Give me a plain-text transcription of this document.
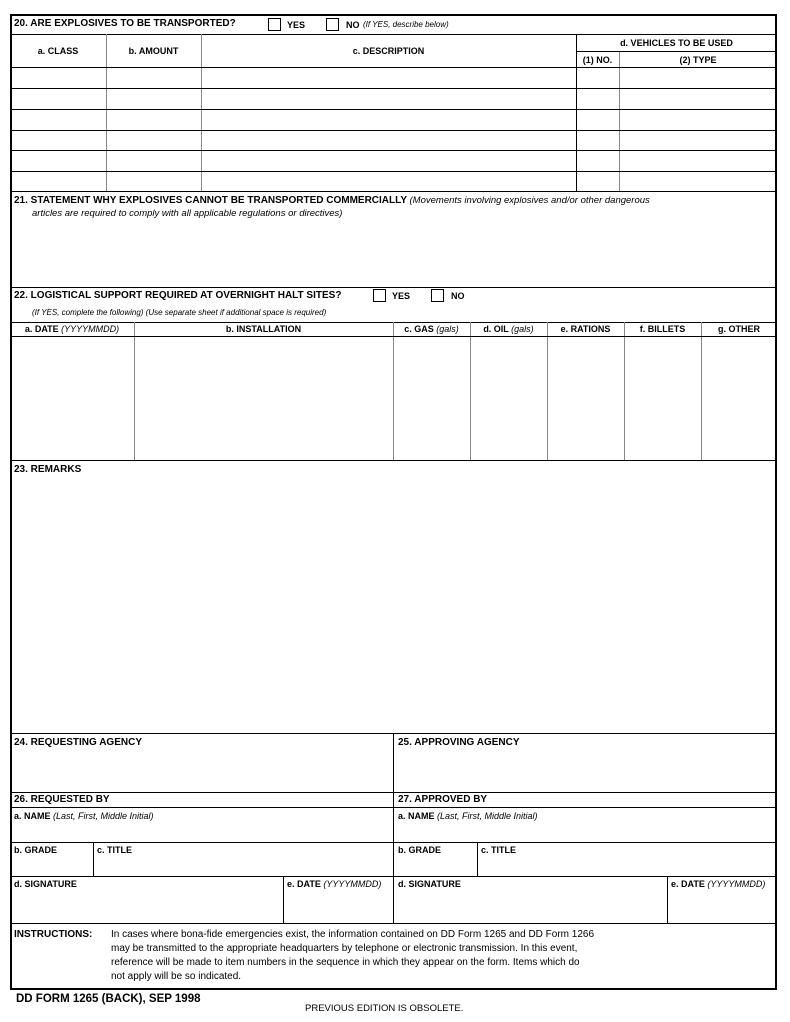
20. ARE EXPLOSIVES TO BE TRANSPORTED?	YES	NO (If YES, describe below)
a. CLASS	b. AMOUNT	c. DESCRIPTION
d. VEHICLES TO BE USED
(1) NO.	(2) TYPE
21. STATEMENT WHY EXPLOSIVES CANNOT BE TRANSPORTED COMMERCIALLY (Movements involving explosives and/or other dangerous
articles are required to comply with all applicable regulations or directives)
22. LOGISTICAL SUPPORT REQUIRED AT OVERNIGHT HALT SITES?	YES	NO
(If YES, complete the following) (Use separate sheet if additional space is required)
a. DATE (YYYYMMDD)	b. INSTALLATION	c. GAS (gals)	d. OIL (gals)	e. RATIONS	f. BILLETS	g. OTHER
23. REMARKS
24. REQUESTING AGENCY	25. APPROVING AGENCY
26. REQUESTED BY	27. APPROVED BY
a. NAME (Last, First, Middle Initial)	a. NAME (Last, First, Middle Initial)
b. GRADE	c. TITLE	b. GRADE	c. TITLE
d. SIGNATURE	e. DATE (YYYYMMDD) d. SIGNATURE	e. DATE (YYYYMMDD)
INSTRUCTIONS: In cases where bona-fide emergencies exist, the information contained on DD Form 1265 and DD Form 1266
may be transmitted to the appropriate headquarters by telephone or electronic transmission. In this event,
reference will be made to item numbers in the sequence in which they appear on the form. Items which do
not apply will be so indicated.
DD FORM 1265 (BACK), SEP 1998
PREVIOUS EDITION IS OBSOLETE.
